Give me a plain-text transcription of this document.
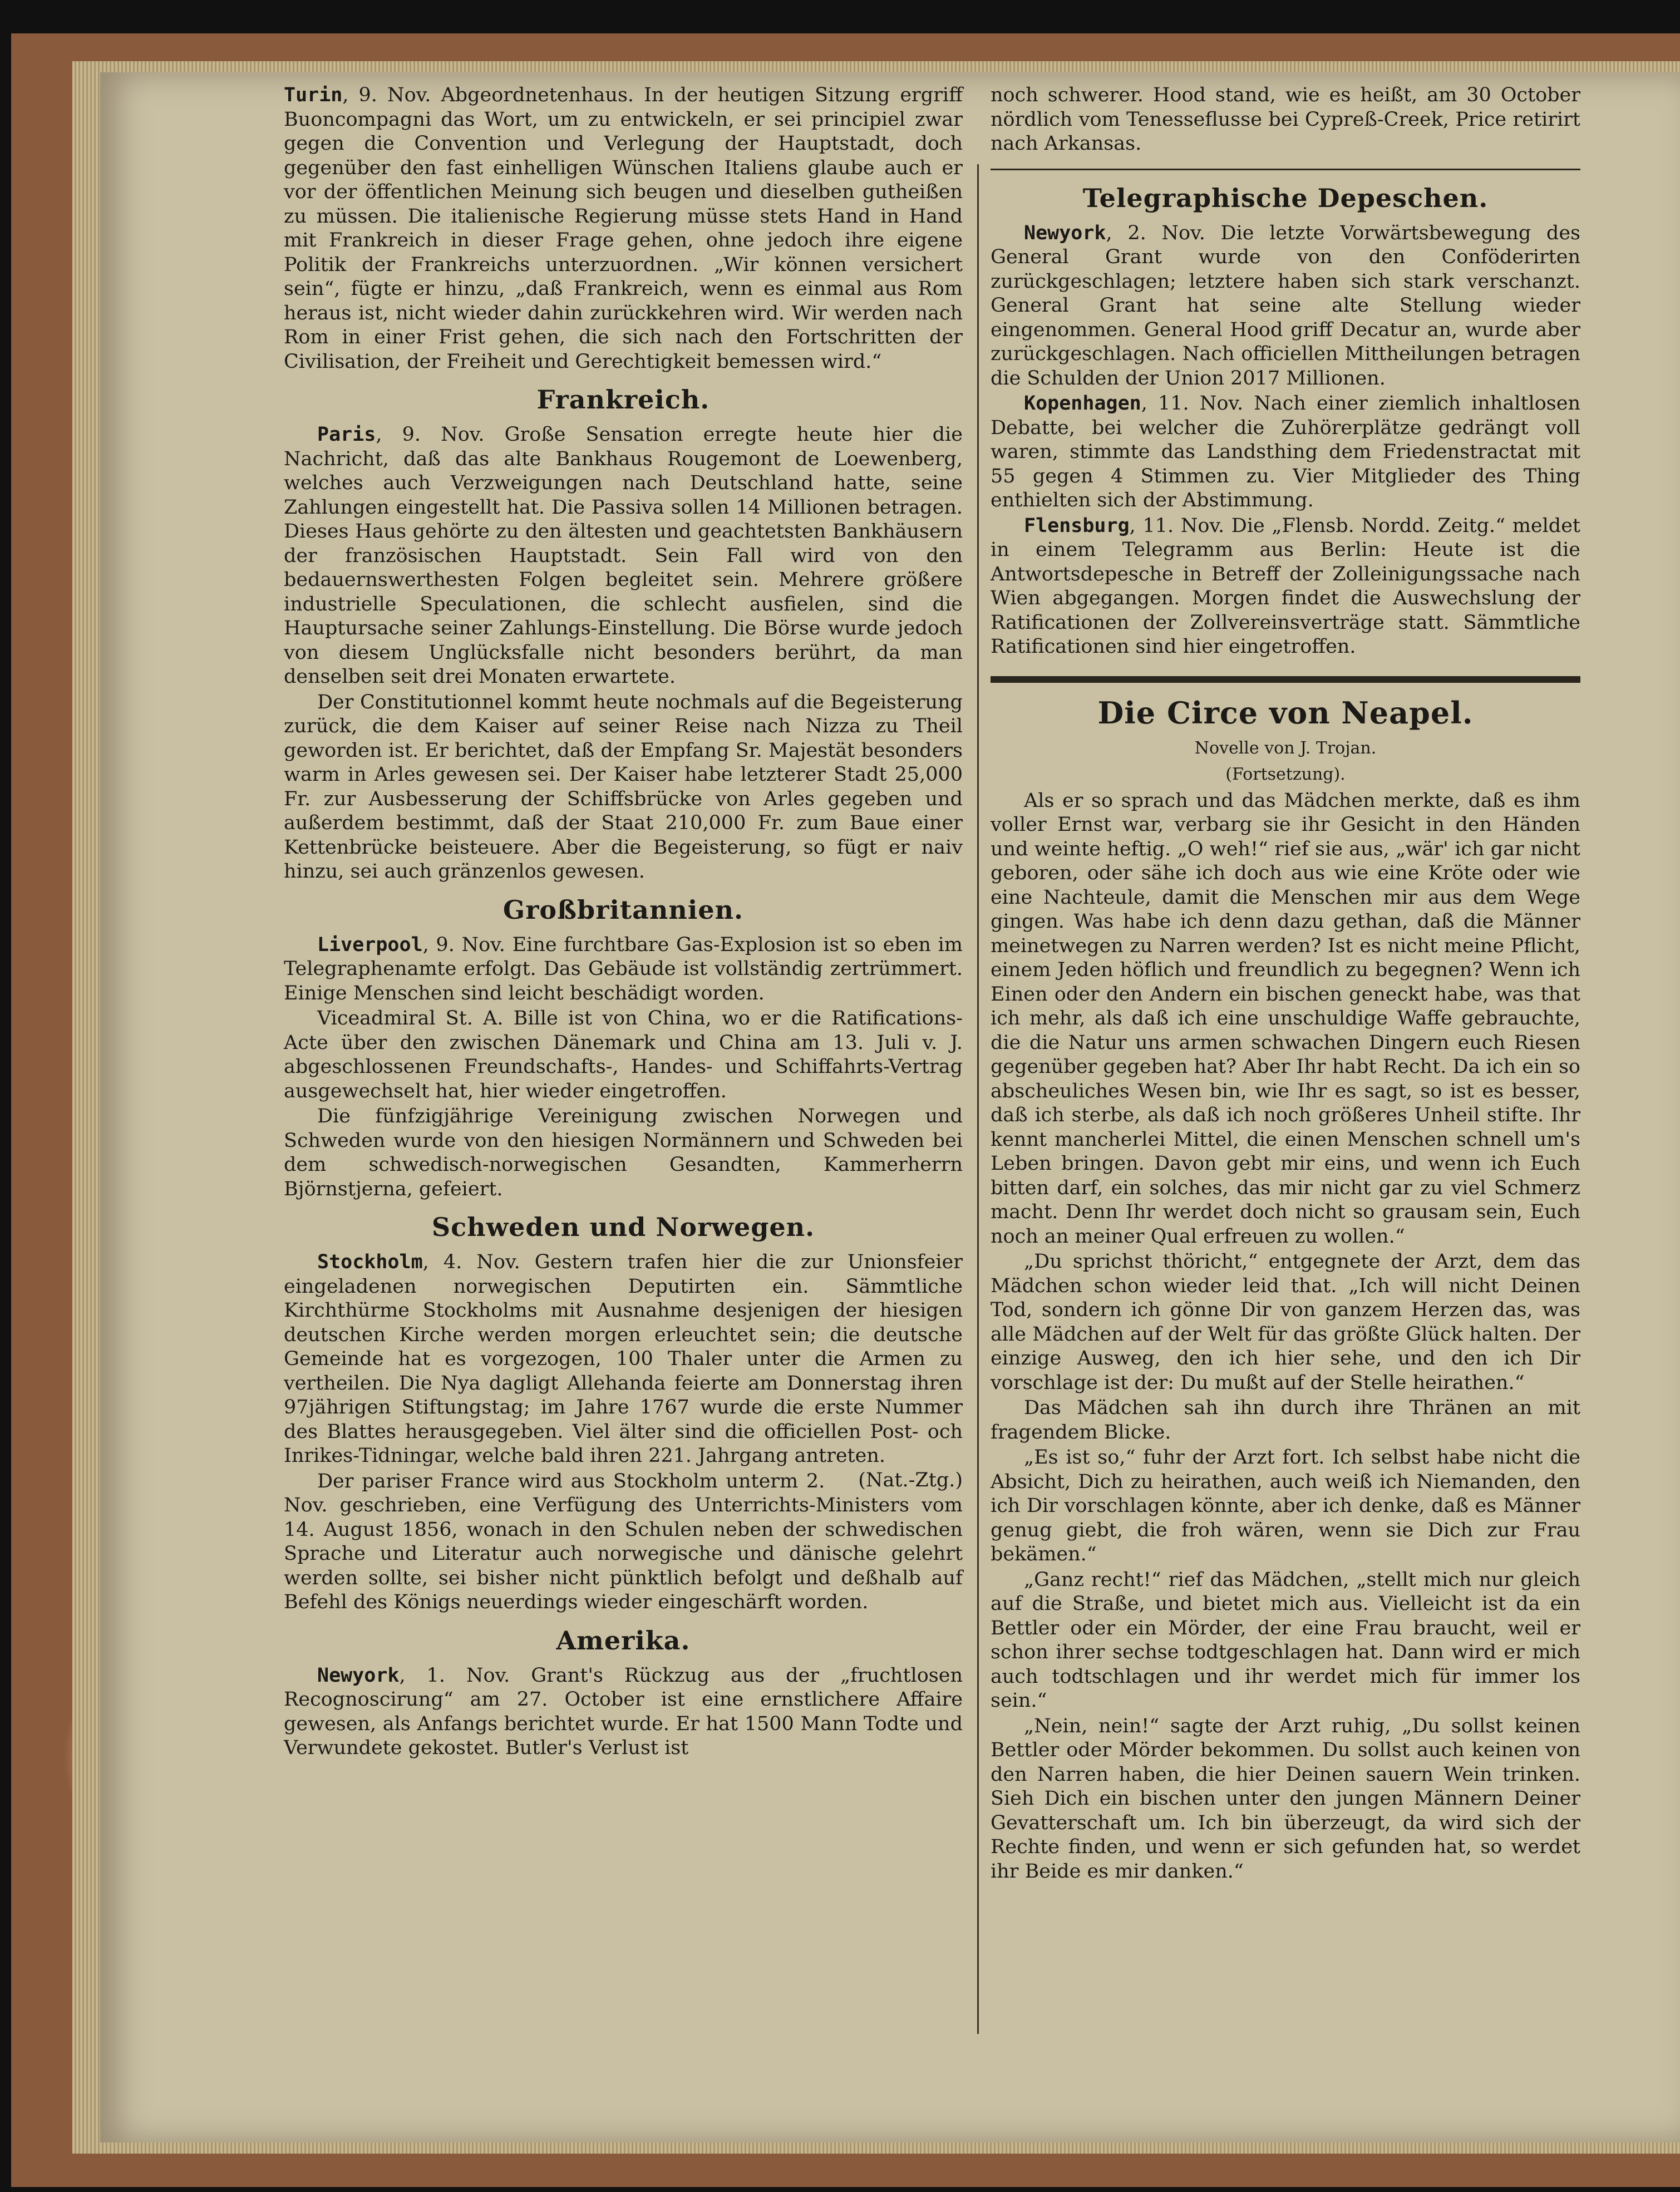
Turin, 9. Nov. Abgeordnetenhaus. In der heutigen Sitzung ergriff Buoncompagni das Wort, um zu entwickeln, er sei principiel zwar gegen die Convention und Verlegung der Hauptstadt, doch gegenüber den fast einhelligen Wünschen Italiens glaube auch er vor der öffentlichen Meinung sich beugen und dieselben gutheißen zu müssen. Die italienische Regierung müsse stets Hand in Hand mit Frankreich in dieser Frage gehen, ohne jedoch ihre eigene Politik der Frankreichs unterzuordnen. „Wir können versichert sein“, fügte er hinzu, „daß Frankreich, wenn es einmal aus Rom heraus ist, nicht wieder dahin zurückkehren wird. Wir werden nach Rom in einer Frist gehen, die sich nach den Fortschritten der Civilisation, der Freiheit und Gerechtigkeit bemessen wird.“

Frankreich.

Paris, 9. Nov. Große Sensation erregte heute hier die Nachricht, daß das alte Bankhaus Rougemont de Loewenberg, welches auch Verzweigungen nach Deutschland hatte, seine Zahlungen eingestellt hat. Die Passiva sollen 14 Millionen betragen. Dieses Haus gehörte zu den ältesten und geachtetsten Bankhäusern der französischen Hauptstadt. Sein Fall wird von den bedauernswerthesten Folgen begleitet sein. Mehrere größere industrielle Speculationen, die schlecht ausfielen, sind die Hauptursache seiner Zahlungs-Einstellung. Die Börse wurde jedoch von diesem Unglücksfalle nicht besonders berührt, da man denselben seit drei Monaten erwartete.

Der Constitutionnel kommt heute nochmals auf die Begeisterung zurück, die dem Kaiser auf seiner Reise nach Nizza zu Theil geworden ist. Er berichtet, daß der Empfang Sr. Majestät besonders warm in Arles gewesen sei. Der Kaiser habe letzterer Stadt 25,000 Fr. zur Ausbesserung der Schiffsbrücke von Arles gegeben und außerdem bestimmt, daß der Staat 210,000 Fr. zum Baue einer Kettenbrücke beisteuere. Aber die Begeisterung, so fügt er naiv hinzu, sei auch gränzenlos gewesen.

Großbritannien.

Liverpool, 9. Nov. Eine furchtbare Gas-Explosion ist so eben im Telegraphenamte erfolgt. Das Gebäude ist vollständig zertrümmert. Einige Menschen sind leicht beschädigt worden.

Viceadmiral St. A. Bille ist von China, wo er die Ratifications-Acte über den zwischen Dänemark und China am 13. Juli v. J. abgeschlossenen Freundschafts-, Handes- und Schiffahrts-Vertrag ausgewechselt hat, hier wieder eingetroffen.

Die fünfzigjährige Vereinigung zwischen Norwegen und Schweden wurde von den hiesigen Normännern und Schweden bei dem schwedisch-norwegischen Gesandten, Kammerherrn Björnstjerna, gefeiert.

Schweden und Norwegen.

Stockholm, 4. Nov. Gestern trafen hier die zur Unionsfeier eingeladenen norwegischen Deputirten ein. Sämmtliche Kirchthürme Stockholms mit Ausnahme desjenigen der hiesigen deutschen Kirche werden morgen erleuchtet sein; die deutsche Gemeinde hat es vorgezogen, 100 Thaler unter die Armen zu vertheilen. Die Nya dagligt Allehanda feierte am Donnerstag ihren 97jährigen Stiftungstag; im Jahre 1767 wurde die erste Nummer des Blattes herausgegeben. Viel älter sind die officiellen Post- och Inrikes-Tidningar, welche bald ihren 221. Jahrgang antreten.
(Nat.-Ztg.)

Der pariser France wird aus Stockholm unterm 2. Nov. geschrieben, eine Verfügung des Unterrichts-Ministers vom 14. August 1856, wonach in den Schulen neben der schwedischen Sprache und Literatur auch norwegische und dänische gelehrt werden sollte, sei bisher nicht pünktlich befolgt und deßhalb auf Befehl des Königs neuerdings wieder eingeschärft worden.

Amerika.

Newyork, 1. Nov. Grant's Rückzug aus der „fruchtlosen Recognoscirung“ am 27. October ist eine ernstlichere Affaire gewesen, als Anfangs berichtet wurde. Er hat 1500 Mann Todte und Verwundete gekostet. Butler's Verlust ist

noch schwerer. Hood stand, wie es heißt, am 30 October nördlich vom Tenesseflusse bei Cypreß-Creek, Price retirirt nach Arkansas.

Telegraphische Depeschen.

Newyork, 2. Nov. Die letzte Vorwärtsbewegung des General Grant wurde von den Conföderirten zurückgeschlagen; letztere haben sich stark verschanzt. General Grant hat seine alte Stellung wieder eingenommen. General Hood griff Decatur an, wurde aber zurückgeschlagen. Nach officiellen Mittheilungen betragen die Schulden der Union 2017 Millionen.

Kopenhagen, 11. Nov. Nach einer ziemlich inhaltlosen Debatte, bei welcher die Zuhörerplätze gedrängt voll waren, stimmte das Landsthing dem Friedenstractat mit 55 gegen 4 Stimmen zu. Vier Mitglieder des Thing enthielten sich der Abstimmung.

Flensburg, 11. Nov. Die „Flensb. Nordd. Zeitg.“ meldet in einem Telegramm aus Berlin: Heute ist die Antwortsdepesche in Betreff der Zolleinigungssache nach Wien abgegangen. Morgen findet die Auswechslung der Ratificationen der Zollvereinsverträge statt. Sämmtliche Ratificationen sind hier eingetroffen.

Die Circe von Neapel.
Novelle von J. Trojan.
(Fortsetzung).

Als er so sprach und das Mädchen merkte, daß es ihm voller Ernst war, verbarg sie ihr Gesicht in den Händen und weinte heftig. „O weh!“ rief sie aus, „wär' ich gar nicht geboren, oder sähe ich doch aus wie eine Kröte oder wie eine Nachteule, damit die Menschen mir aus dem Wege gingen. Was habe ich denn dazu gethan, daß die Männer meinetwegen zu Narren werden? Ist es nicht meine Pflicht, einem Jeden höflich und freundlich zu begegnen? Wenn ich Einen oder den Andern ein bischen geneckt habe, was that ich mehr, als daß ich eine unschuldige Waffe gebrauchte, die die Natur uns armen schwachen Dingern euch Riesen gegenüber gegeben hat? Aber Ihr habt Recht. Da ich ein so abscheuliches Wesen bin, wie Ihr es sagt, so ist es besser, daß ich sterbe, als daß ich noch größeres Unheil stifte. Ihr kennt mancherlei Mittel, die einen Menschen schnell um's Leben bringen. Davon gebt mir eins, und wenn ich Euch bitten darf, ein solches, das mir nicht gar zu viel Schmerz macht. Denn Ihr werdet doch nicht so grausam sein, Euch noch an meiner Qual erfreuen zu wollen.“

„Du sprichst thöricht,“ entgegnete der Arzt, dem das Mädchen schon wieder leid that. „Ich will nicht Deinen Tod, sondern ich gönne Dir von ganzem Herzen das, was alle Mädchen auf der Welt für das größte Glück halten. Der einzige Ausweg, den ich hier sehe, und den ich Dir vorschlage ist der: Du mußt auf der Stelle heirathen.“

Das Mädchen sah ihn durch ihre Thränen an mit fragendem Blicke.

„Es ist so,“ fuhr der Arzt fort. Ich selbst habe nicht die Absicht, Dich zu heirathen, auch weiß ich Niemanden, den ich Dir vorschlagen könnte, aber ich denke, daß es Männer genug giebt, die froh wären, wenn sie Dich zur Frau bekämen.“

„Ganz recht!“ rief das Mädchen, „stellt mich nur gleich auf die Straße, und bietet mich aus. Vielleicht ist da ein Bettler oder ein Mörder, der eine Frau braucht, weil er schon ihrer sechse todtgeschlagen hat. Dann wird er mich auch todtschlagen und ihr werdet mich für immer los sein.“

„Nein, nein!“ sagte der Arzt ruhig, „Du sollst keinen Bettler oder Mörder bekommen. Du sollst auch keinen von den Narren haben, die hier Deinen sauern Wein trinken. Sieh Dich ein bischen unter den jungen Männern Deiner Gevatterschaft um. Ich bin überzeugt, da wird sich der Rechte finden, und wenn er sich gefunden hat, so werdet ihr Beide es mir danken.“
